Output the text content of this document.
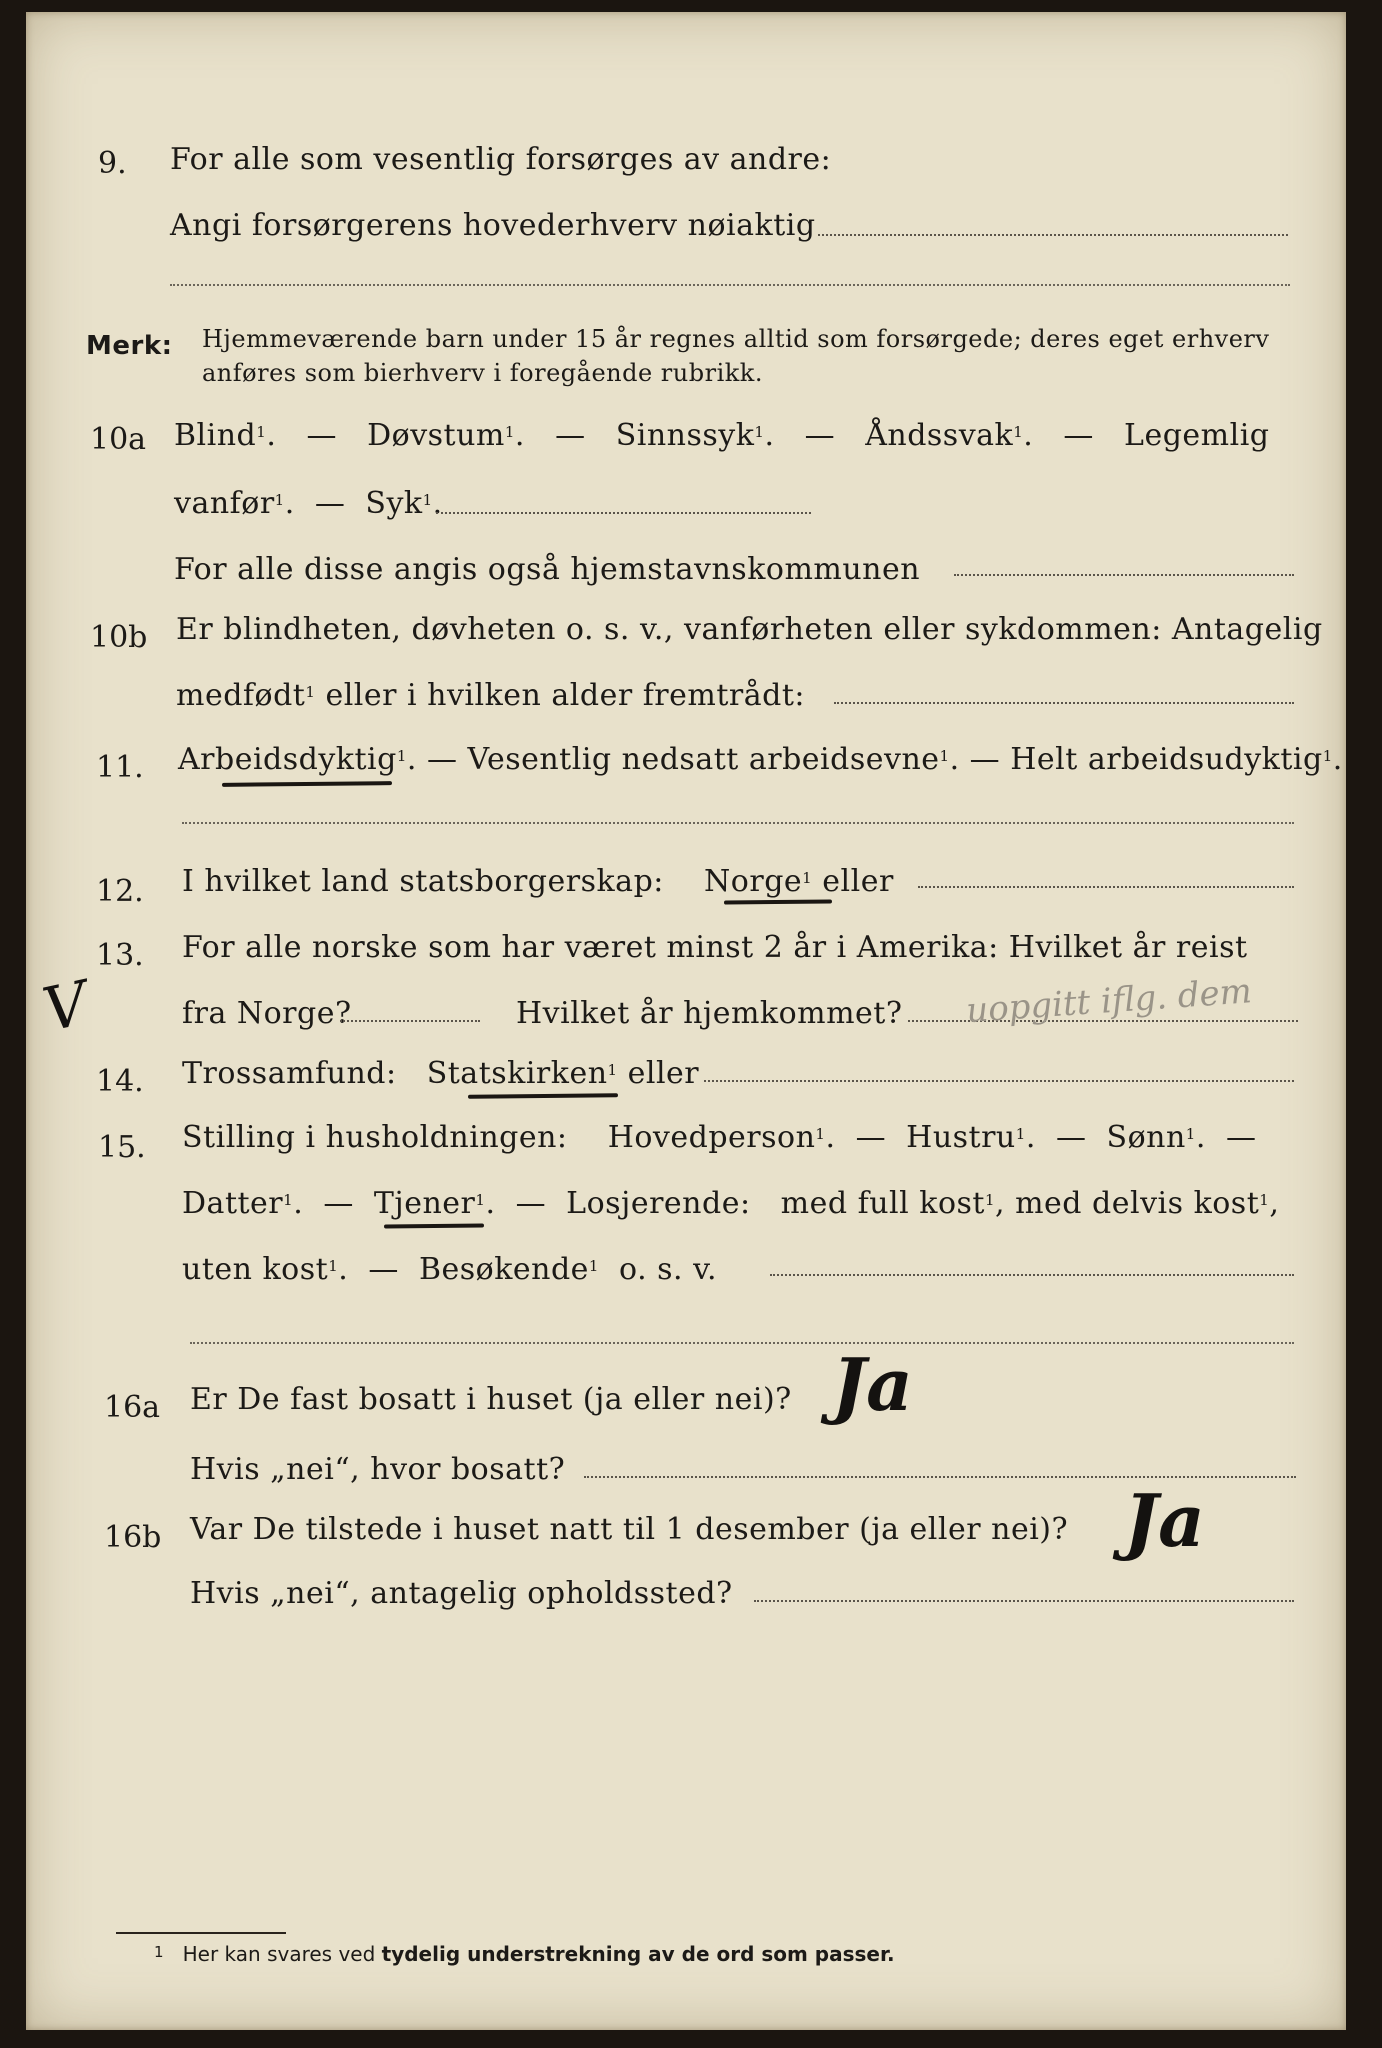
9. For alle som vesentlig forsørges av andre:
Angi forsørgerens hovederhverv nøiaktig
Merk: Hjemmeværende barn under 15 år regnes alltid som forsørgede; deres eget erhverv
anføres som bierhverv i foregående rubrikk.
10a Blind$^1$. — Døvstum$^1$. — Sinnssyk$^1$. — Åndssvak$^1$. — Legemlig
vanfør$^1$. — Syk$^1$.
For alle disse angis også hjemstavnskommunen
10b Er blindheten, døvheten o. s. v., vanførheten eller sykdommen: Antagelig
medfødt$^1$ eller i hvilken alder fremtrådt:
11. Arbeidsdyktig$^1$. — Vesentlig nedsatt arbeidsevne$^1$. — Helt arbeidsudyktig$^1$.
12. I hvilket land statsborgerskap: Norge$^1$ eller
13. For alle norske som har været minst 2 år i Amerika: Hvilket år reist
V	fra Norge?	Hvilket år hjemkommet? uopgitt iflg. dem
14. Trossamfund: Statskirken$^1$ eller
15. Stilling i husholdningen: Hovedperson$^1$. — Hustru$^1$. — Sønn$^1$. —
Datter$^1$. — Tjener$^1$. — Losjerende: med full kost$^1$, med delvis kost$^1$,
uten kost$^1$. — Besøkende$^1$ o. s. v.
16a Er De fast bosatt i huset (ja eller nei)? Ja
Hvis „nei“, hvor bosatt?
16b Var De tilstede i huset natt til 1 desember (ja eller nei)? Ja
Hvis „nei“, antagelig opholdssted?
$^1$ Her kan svares ved tydelig understrekning av de ord som passer.
